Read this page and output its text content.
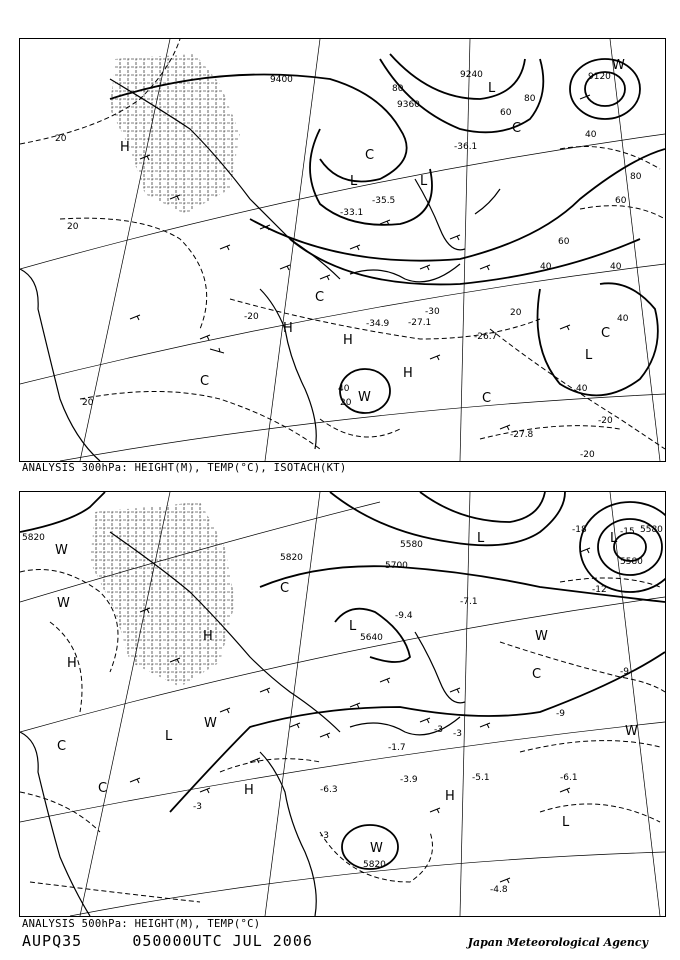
H
H
H
H
L
L
L
L
C
C
C
C
C
C
W
W
9120
9400	9240
9360
20
20
20
20
20
40
40
40
40
40
40
60
60
80
80
80
60
-27.8
-27.1
-26.7
-34.9
-33.1
-35.5
-36.1
-20
-20
-20	-30
ANALYSIS 300hPa: HEIGHT(M), TEMP(°C), ISOTACH(KT)
5820
5820
5700
5640
5580
5820
5580
5580
H
H
H
H
L
L
L
L
L
C
C
C
C
W
W
W
W
W
W
-3
-3
-3
-9
-9
-12
-15
-18
-3
-4.8
-6.1
-5.1
-1.7
-3.9
-7.1
-9.4
-6.3
ANALYSIS 500hPa: HEIGHT(M), TEMP(°C)
AUPQ35	050000UTC JUL 2006	Japan Meteorological Agency
